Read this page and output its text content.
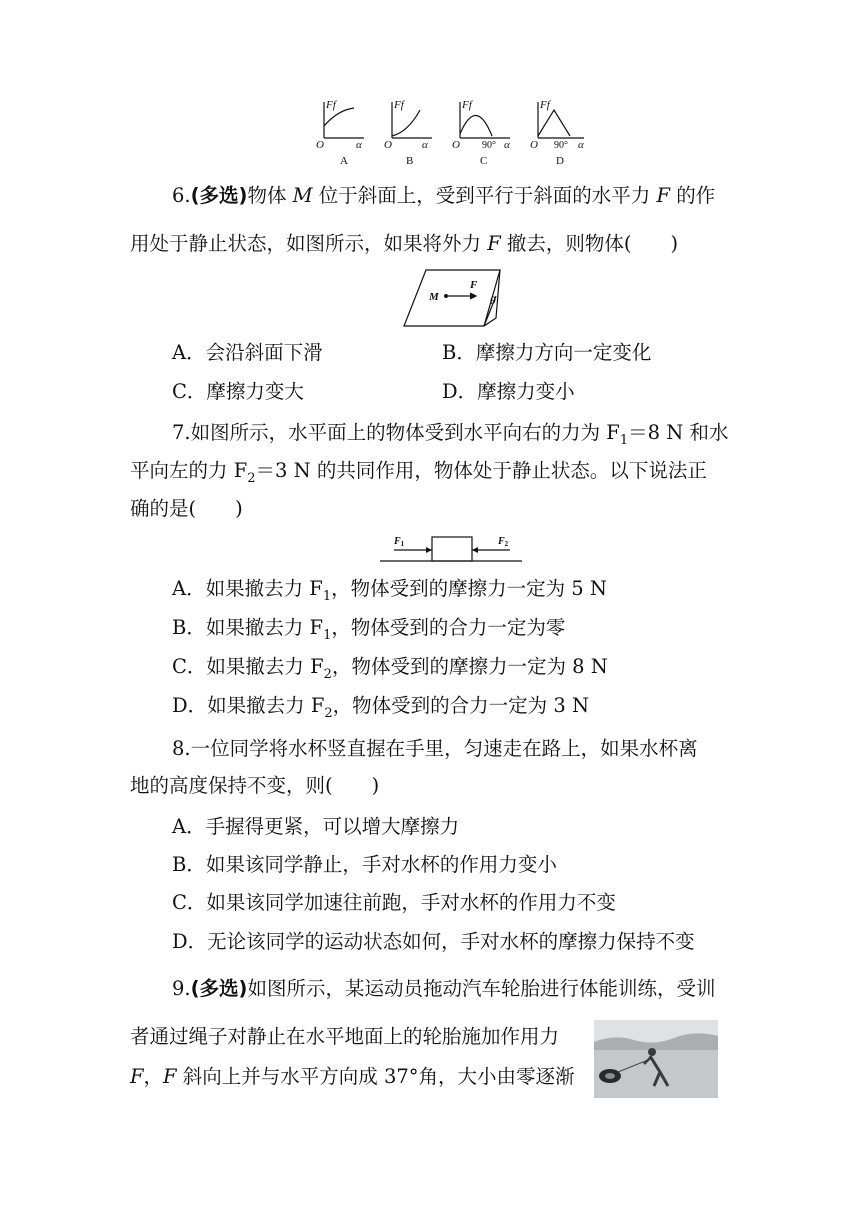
Ff	Ff	Ff	Ff
O	O	O	O
α	α	α	α
90°	90°
A	B	C	D
6.(多选)物体 M 位于斜面上，受到平行于斜面的水平力 F 的作
用处于静止状态，如图所示，如果将外力 F 撤去，则物体(　　)
M
F
θ
A．会沿斜面下滑	B．摩擦力方向一定变化
C．摩擦力变大	D．摩擦力变小
7.如图所示，水平面上的物体受到水平向右的力为 $F_1=8$ N 和水
平向左的力 $F_2=3$ N 的共同作用，物体处于静止状态。以下说法正
确的是(　　)
$F_1$	$F_2$
A．如果撤去力 $F_1$，物体受到的摩擦力一定为 5 N
B．如果撤去力 $F_1$，物体受到的合力一定为零
C．如果撤去力 $F_2$，物体受到的摩擦力一定为 8 N
D．如果撤去力 $F_2$，物体受到的合力一定为 3 N
8.一位同学将水杯竖直握在手里，匀速走在路上，如果水杯离
地的高度保持不变，则(　　)
A．手握得更紧，可以增大摩擦力
B．如果该同学静止，手对水杯的作用力变小
C．如果该同学加速往前跑，手对水杯的作用力不变
D．无论该同学的运动状态如何，手对水杯的摩擦力保持不变
9.(多选)如图所示，某运动员拖动汽车轮胎进行体能训练，受训
者通过绳子对静止在水平地面上的轮胎施加作用力
F，F 斜向上并与水平方向成 37°角，大小由零逐渐
